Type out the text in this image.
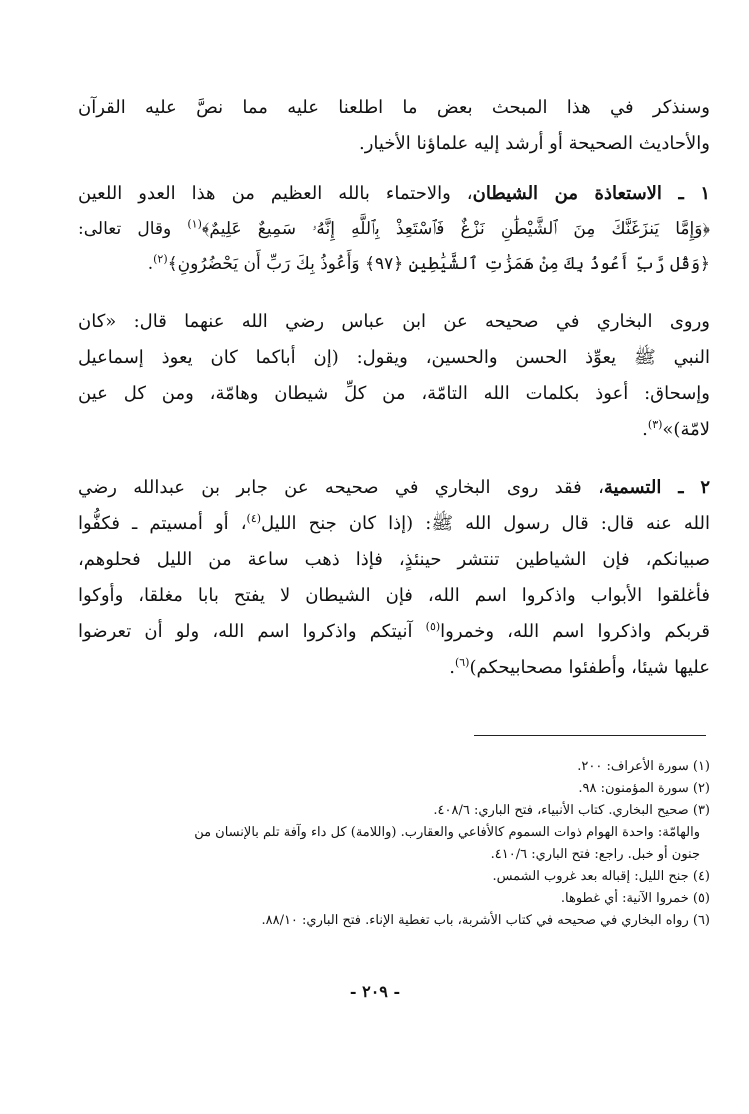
وسنذكر في هذا المبحث بعض ما اطلعنا عليه مما نصَّ عليه القرآن
والأحاديث الصحيحة أو أرشد إليه علماؤنا الأخيار.
١ ـ الاستعاذة من الشيطان، والاحتماء بالله العظيم من هذا العدو اللعين
﴿وَإِمَّا يَنزَغَنَّكَ مِنَ ٱلشَّيْطَٰنِ نَزْغٌ فَٱسْتَعِذْ بِٱللَّهِ إِنَّهُۥ سَمِيعٌ عَلِيمٌ﴾$^{(١)}$ وقال تعالى:
﴿وَقُل رَّبِّ أَعُوذُ بِكَ مِنْ هَمَزَٰتِ ٱلشَّيَٰطِينِ ﴿٩٧﴾ وَأَعُوذُ بِكَ رَبِّ أَن يَحْضُرُونِ﴾$^{(٢)}$.
وروى البخاري في صحيحه عن ابن عباس رضي الله عنهما قال: «كان
النبي ﷺ يعوِّذ الحسن والحسين، ويقول: (إن أباكما كان يعوذ إسماعيل
وإسحاق: أعوذ بكلمات الله التامّة، من كلِّ شيطان وهامّة، ومن كل عين
لامّة)»$^{(٣)}$.
٢ ـ التسمية، فقد روى البخاري في صحيحه عن جابر بن عبدالله رضي
الله عنه قال: قال رسول الله ﷺ: (إذا كان جنح الليل$^{(٤)}$، أو أمسيتم ـ فكفُّوا
صبيانكم، فإن الشياطين تنتشر حينئذٍ، فإذا ذهب ساعة من الليل فحلوهم،
فأغلقوا الأبواب واذكروا اسم الله، فإن الشيطان لا يفتح بابا مغلقا، وأوكوا
قربكم واذكروا اسم الله، وخمروا$^{(٥)}$ آنيتكم واذكروا اسم الله، ولو أن تعرضوا
عليها شيئا، وأطفئوا مصحابيحكم)$^{(٦)}$.
(١) سورة الأعراف: ٢٠٠.
(٢) سورة المؤمنون: ٩٨.
(٣) صحيح البخاري. كتاب الأنبياء، فتح الباري: ٤٠٨/٦.
والهامّة: واحدة الهوام ذوات السموم كالأفاعي والعقارب. (واللامة) كل داء وآفة تلم بالإنسان من
جنون أو خبل. راجع: فتح الباري: ٤١٠/٦.
(٤) جنح الليل: إقباله بعد غروب الشمس.
(٥) خمروا الآنية: أي غطوها.
(٦) رواه البخاري في صحيحه في كتاب الأشربة، باب تغطية الإناء. فتح الباري: ٨٨/١٠.
- ٢٠٩ -
